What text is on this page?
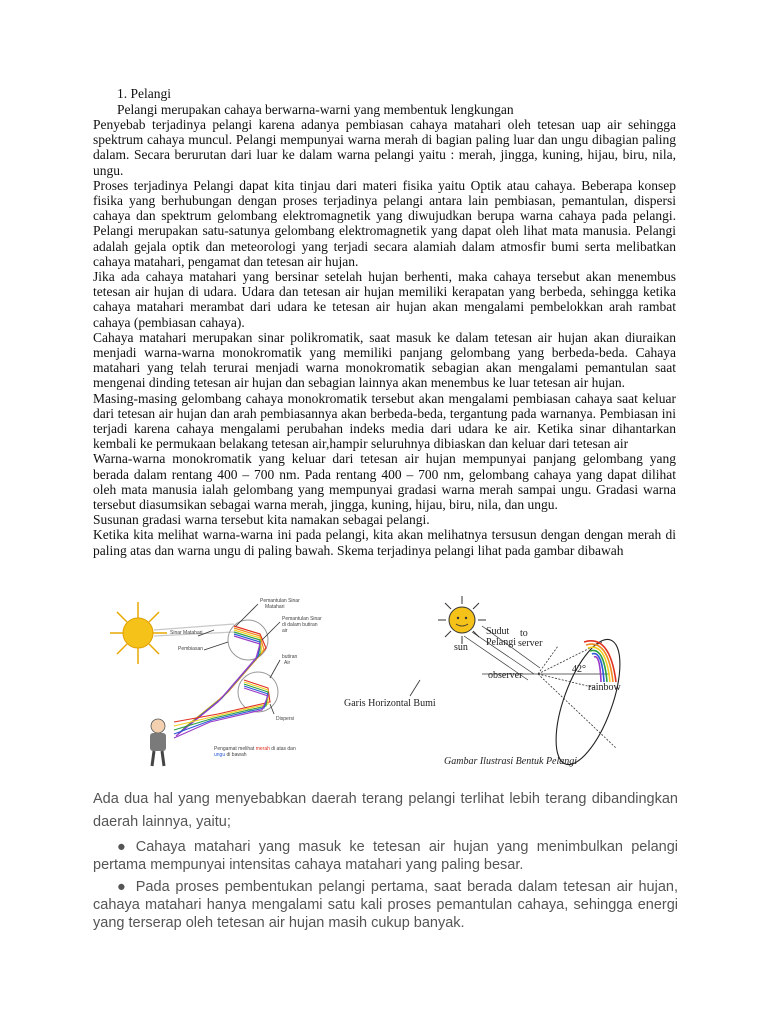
1. Pelangi
Pelangi merupakan cahaya berwarna-warni yang membentuk lengkungan

Penyebab terjadinya pelangi karena adanya pembiasan cahaya matahari oleh tetesan uap air sehingga spektrum cahaya muncul. Pelangi mempunyai warna merah di bagian paling luar dan ungu dibagian paling dalam. Secara berurutan dari luar ke dalam warna pelangi yaitu : merah, jingga, kuning, hijau, biru, nila, ungu.

Proses terjadinya Pelangi dapat kita tinjau dari materi fisika yaitu Optik atau cahaya. Beberapa konsep fisika yang berhubungan dengan proses terjadinya pelangi antara lain pembiasan, pemantulan, dispersi cahaya dan spektrum gelombang elektromagnetik yang diwujudkan berupa warna cahaya pada pelangi. Pelangi merupakan satu-satunya gelombang elektromagnetik yang dapat oleh lihat mata manusia. Pelangi adalah gejala optik dan meteorologi yang terjadi secara alamiah dalam atmosfir bumi serta melibatkan cahaya matahari, pengamat dan tetesan air hujan.

Jika ada cahaya matahari yang bersinar setelah hujan berhenti, maka cahaya tersebut akan menembus tetesan air hujan di udara. Udara dan tetesan air hujan memiliki kerapatan yang berbeda, sehingga ketika cahaya matahari merambat dari udara ke tetesan air hujan akan mengalami pembelokkan arah rambat cahaya (pembiasan cahaya).

Cahaya matahari merupakan sinar polikromatik, saat masuk ke dalam tetesan air hujan akan diuraikan menjadi warna-warna monokromatik yang memiliki panjang gelombang yang berbeda-beda. Cahaya matahari yang telah terurai menjadi warna monokromatik sebagian akan mengalami pemantulan saat mengenai dinding tetesan air hujan dan sebagian lainnya akan menembus ke luar tetesan air hujan.

Masing-masing gelombang cahaya monokromatik tersebut akan mengalami pembiasan cahaya saat keluar dari tetesan air hujan dan arah pembiasannya akan berbeda-beda, tergantung pada warnanya. Pembiasan ini terjadi karena cahaya mengalami perubahan indeks media dari udara ke air. Ketika sinar dihantarkan kembali ke permukaan belakang tetesan air,hampir seluruhnya dibiaskan dan keluar dari tetesan air

Warna-warna monokromatik yang keluar dari tetesan air hujan mempunyai panjang gelombang yang berada dalam rentang 400 – 700 nm. Pada rentang 400 – 700 nm, gelombang cahaya yang dapat dilihat oleh mata manusia ialah gelombang yang mempunyai gradasi warna merah sampai ungu. Gradasi warna tersebut diasumsikan sebagai warna merah, jingga, kuning, hijau, biru, nila, dan ungu.

Susunan gradasi warna tersebut kita namakan sebagai pelangi.

Ketika kita melihat warna-warna ini pada pelangi, kita akan melihatnya tersusun dengan dengan merah di paling atas dan warna ungu di paling bawah. Skema terjadinya pelangi lihat pada gambar dibawah

Pemantulan Sinar
Matahari
Sinar Matahari
Pembiasan
Pemantulan Sinar
di dalam butiran
air
butiran
Air
Dispersi
Pengamat melihat merah di atas dan
ungu di bawah
sun
Sudut
Pelangi
observer
42°
to
server
rainbow
Garis Horizontal Bumi
Gambar Ilustrasi Bentuk Pelangi

Ada dua hal yang menyebabkan daerah terang pelangi terlihat lebih terang dibandingkan daerah lainnya, yaitu;

● Cahaya matahari yang masuk ke tetesan air hujan yang menimbulkan pelangi pertama mempunyai intensitas cahaya matahari yang paling besar.

● Pada proses pembentukan pelangi pertama, saat berada dalam tetesan air hujan, cahaya matahari hanya mengalami satu kali proses pemantulan cahaya, sehingga energi yang terserap oleh tetesan air hujan masih cukup banyak.
